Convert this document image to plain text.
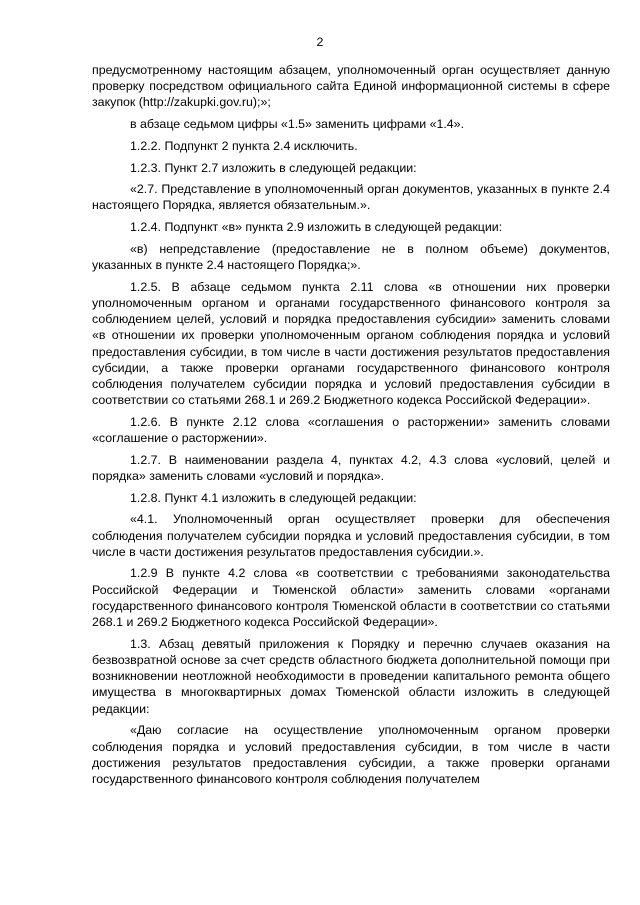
2

предусмотренному настоящим абзацем, уполномоченный орган осуществляет данную проверку посредством официального сайта Единой информационной системы в сфере закупок (http://zakupki.gov.ru);»;

в абзаце седьмом цифры «1.5» заменить цифрами «1.4».

1.2.2. Подпункт 2 пункта 2.4 исключить.

1.2.3. Пункт 2.7 изложить в следующей редакции:

«2.7. Представление в уполномоченный орган документов, указанных в пункте 2.4 настоящего Порядка, является обязательным.».

1.2.4. Подпункт «в» пункта 2.9 изложить в следующей редакции:

«в) непредставление (предоставление не в полном объеме) документов, указанных в пункте 2.4 настоящего Порядка;».

1.2.5. В абзаце седьмом пункта 2.11 слова «в отношении них проверки уполномоченным органом и органами государственного финансового контроля за соблюдением целей, условий и порядка предоставления субсидии» заменить словами «в отношении их проверки уполномоченным органом соблюдения порядка и условий предоставления субсидии, в том числе в части достижения результатов предоставления субсидии, а также проверки органами государственного финансового контроля соблюдения получателем субсидии порядка и условий предоставления субсидии в соответствии со статьями 268.1 и 269.2 Бюджетного кодекса Российской Федерации».

1.2.6. В пункте 2.12 слова «соглашения о расторжении» заменить словами «соглашение о расторжении».

1.2.7. В наименовании раздела 4, пунктах 4.2, 4.3 слова «условий, целей и порядка» заменить словами «условий и порядка».

1.2.8. Пункт 4.1 изложить в следующей редакции:

«4.1. Уполномоченный орган осуществляет проверки для обеспечения соблюдения получателем субсидии порядка и условий предоставления субсидии, в том числе в части достижения результатов предоставления субсидии.».

1.2.9 В пункте 4.2 слова «в соответствии с требованиями законодательства Российской Федерации и Тюменской области» заменить словами «органами государственного финансового контроля Тюменской области в соответствии со статьями 268.1 и 269.2 Бюджетного кодекса Российской Федерации».

1.3. Абзац девятый приложения к Порядку и перечню случаев оказания на безвозвратной основе за счет средств областного бюджета дополнительной помощи при возникновении неотложной необходимости в проведении капитального ремонта общего имущества в многоквартирных домах Тюменской области изложить в следующей редакции:

«Даю согласие на осуществление уполномоченным органом проверки соблюдения порядка и условий предоставления субсидии, в том числе в части достижения результатов предоставления субсидии, а также проверки органами государственного финансового контроля соблюдения получателем
